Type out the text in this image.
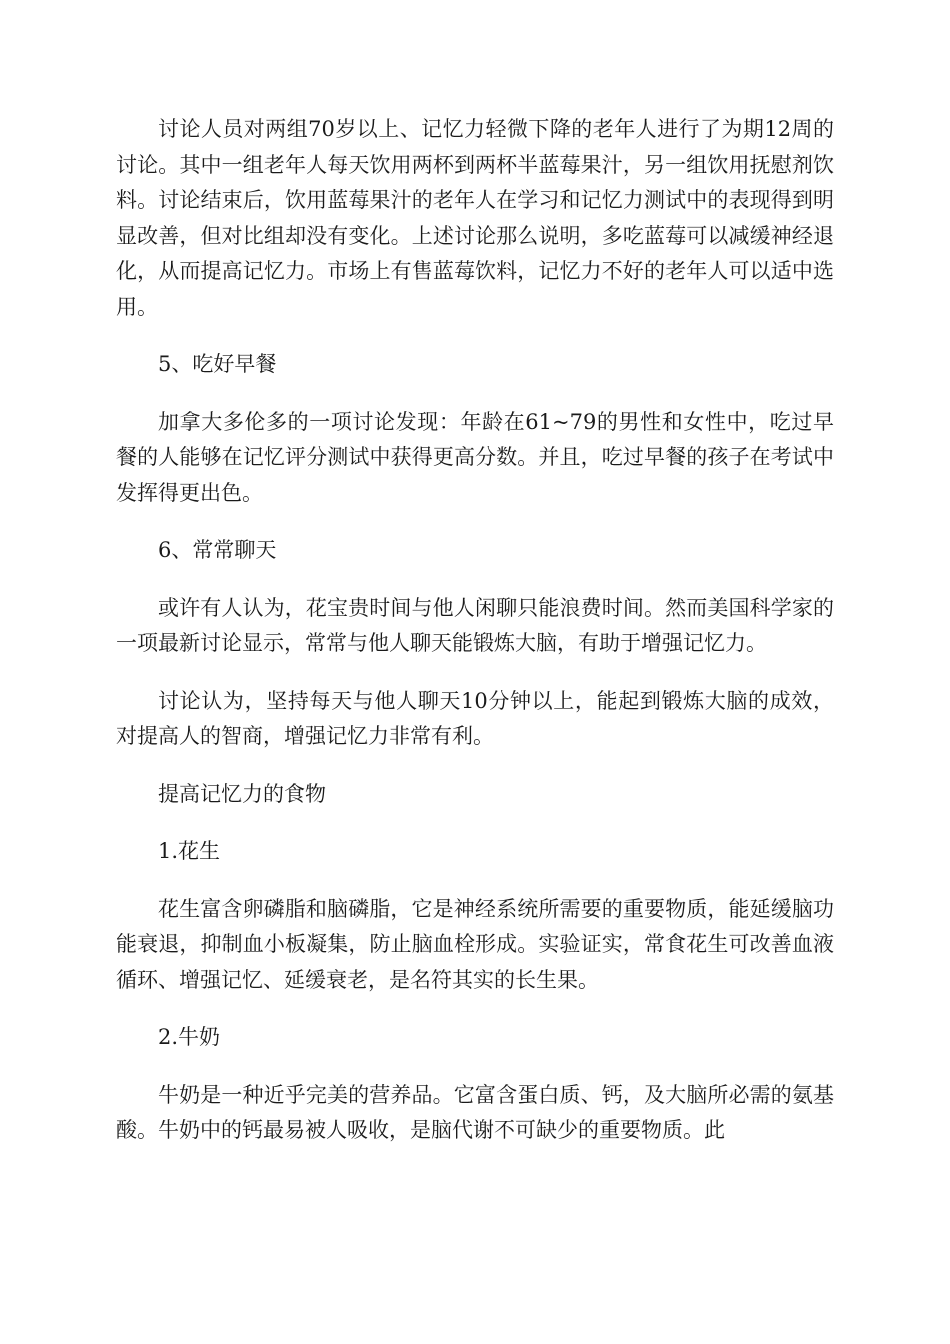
讨论人员对两组70岁以上、记忆力轻微下降的老年人进行了为期12周的讨论。其中一组老年人每天饮用两杯到两杯半蓝莓果汁，另一组饮用抚慰剂饮料。讨论结束后，饮用蓝莓果汁的老年人在学习和记忆力测试中的表现得到明显改善，但对比组却没有变化。上述讨论那么说明，多吃蓝莓可以减缓神经退化，从而提高记忆力。市场上有售蓝莓饮料，记忆力不好的老年人可以适中选用。

5、吃好早餐

加拿大多伦多的一项讨论发现：年龄在61~79的男性和女性中，吃过早餐的人能够在记忆评分测试中获得更高分数。并且，吃过早餐的孩子在考试中发挥得更出色。

6、常常聊天

或许有人认为，花宝贵时间与他人闲聊只能浪费时间。然而美国科学家的一项最新讨论显示，常常与他人聊天能锻炼大脑，有助于增强记忆力。

讨论认为，坚持每天与他人聊天10分钟以上，能起到锻炼大脑的成效，对提高人的智商，增强记忆力非常有利。

提高记忆力的食物

1.花生

花生富含卵磷脂和脑磷脂，它是神经系统所需要的重要物质，能延缓脑功能衰退，抑制血小板凝集，防止脑血栓形成。实验证实，常食花生可改善血液循环、增强记忆、延缓衰老，是名符其实的长生果。

2.牛奶

牛奶是一种近乎完美的营养品。它富含蛋白质、钙，及大脑所必需的氨基酸。牛奶中的钙最易被人吸收，是脑代谢不可缺少的重要物质。此
